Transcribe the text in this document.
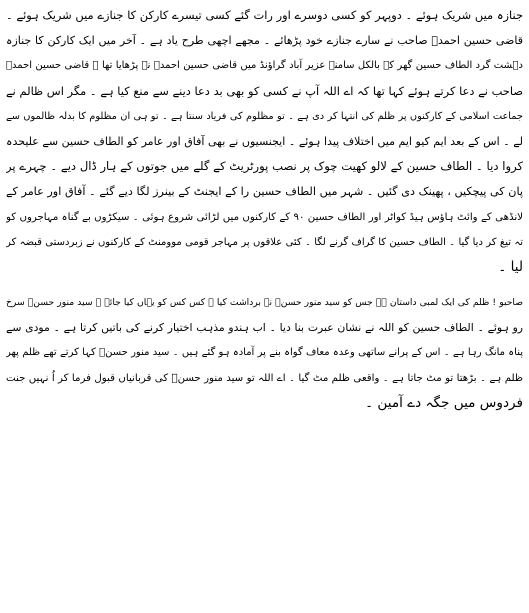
جنازہ میں شریک ہوئے ۔ دوپہر کو کسی دوسرے اور رات گئے کسی تیسرے کارکن کا جنازے میں شریک ہوئے ۔
قاضی حسین احمدؒ صاحب نے سارے جنازے خود پڑھائے ۔ مجھے اچھی طرح یاد ہے ۔ آخر میں ایک کارکن کا جنازہ
دہشت گرد الطاف حسین گھر کے بالکل سامنے عزیر آباد گراؤنڈ میں قاضی حسین احمدؒ نے پڑھایا تھا ۔ قاضی حسین احمدؒ
صاحب نے دعا کرتے ہوئے کہا تھا کہ اے اللہ آپ نے کسی کو بھی بد دعا دینے سے منع کیا ہے ۔ مگر اس ظالم نے
جماعت اسلامی کے کارکنوں پر ظلم کی انتہا کر دی ہے ۔ تو مظلوم کی فریاد سنتا ہے ۔ تو ہی ان مظلوم کا بدلہ ظالموں سے
لے ۔ اس کے بعد ایم کیو ایم میں اختلاف پیدا ہوئے ۔ ایجنسیوں نے بھی آفاق اور عامر کو الطاف حسین سے علیحدہ
کروا دیا ۔ الطاف حسین کے لالو کھیت چوک پر نصب پورٹریٹ کے گلے میں جوتوں کے ہار ڈال دیے ۔ چہرے پر
پان کی پیچکیں ، پھینک دی گئیں ۔ شہر میں الطاف حسین را کے ایجنٹ کے بینرز لگا دیے گئے ۔ آفاق اور عامر کے
لانڈھی کے وائٹ ہاؤس ہیڈ کواٹر اور الطاف حسین ۹۰ کے کارکنوں میں لڑائی شروع ہوئی ۔ سیکڑوں بے گناہ مہاجروں کو
تہ تیغ کر دیا گیا ۔ الطاف حسین کا گراف گرنے لگا ۔ کئی علاقوں پر مہاجر قومی موومنٹ کے کارکنوں نے زبردستی قبضہ کر
لیا ۔
صاحبو ! ظلم کی ایک لمبی داستان ہے جس کو سید منور حسنؒ نے برداشت کیا ۔ کس کس کو یہاں کیا جائے ۔ سید منور حسنؒ سرخ
رو ہوئے ۔ الطاف حسین کو اللہ نے نشان عبرت بنا دیا ۔ اب ہندو مذہب اختیار کرنے کی باتیں کرتا ہے ۔ مودی سے
پناہ مانگ رہا ہے ۔ اس کے پرانے ساتھی وعدہ معاف گواہ بنے پر آمادہ ہو گئے ہیں ۔ سید منور حسنؒ کہا کرتے تھے ظلم پھر
ظلم ہے ۔ بڑھتا تو مٹ جاتا ہے ۔ واقعی ظلم مٹ گیا ۔ اے اللہ تو سید منور حسنؒ کی قربانیاں قبول فرما کر اُ نہیں جنت
فردوس میں جگہ دے آمین ۔
